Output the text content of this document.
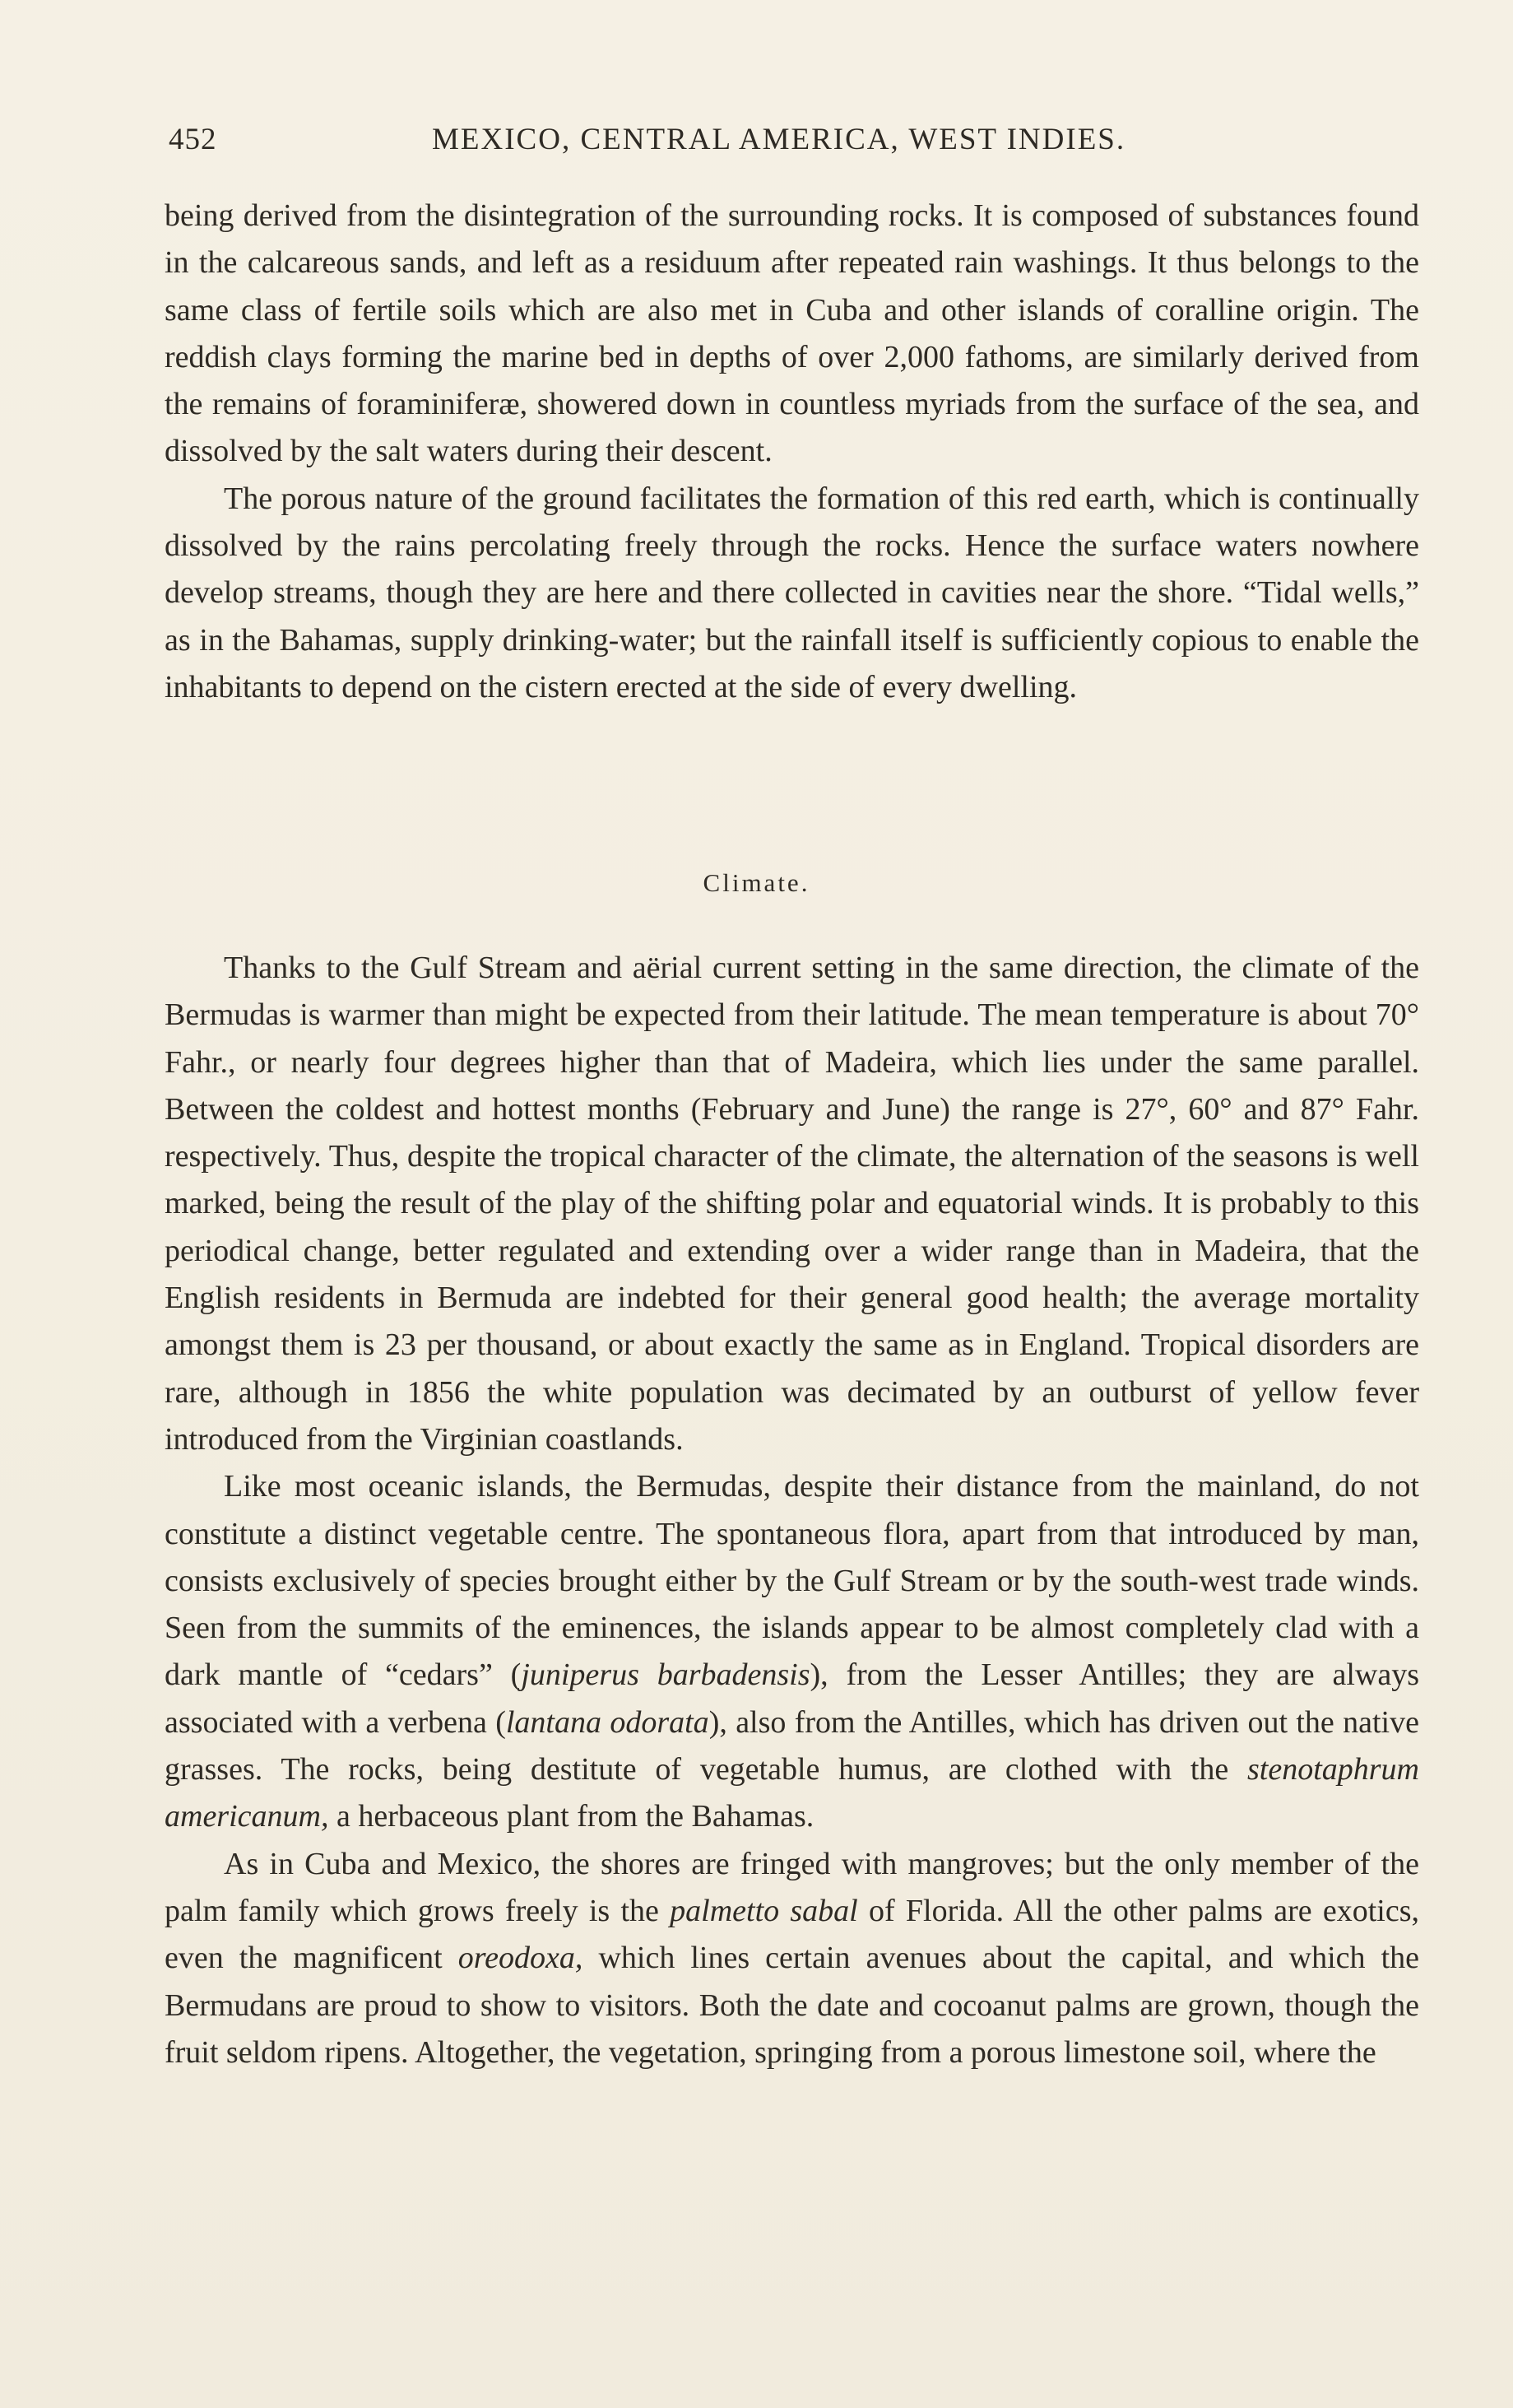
452	MEXICO, CENTRAL AMERICA, WEST INDIES.

being derived from the disintegration of the surrounding rocks. It is composed of substances found in the calcareous sands, and left as a residuum after repeated rain washings. It thus belongs to the same class of fertile soils which are also met in Cuba and other islands of coralline origin. The reddish clays forming the marine bed in depths of over 2,000 fathoms, are similarly derived from the remains of foraminiferæ, showered down in countless myriads from the surface of the sea, and dissolved by the salt waters during their descent.

The porous nature of the ground facilitates the formation of this red earth, which is continually dissolved by the rains percolating freely through the rocks. Hence the surface waters nowhere develop streams, though they are here and there collected in cavities near the shore. “Tidal wells,” as in the Bahamas, supply drinking-water; but the rainfall itself is sufficiently copious to enable the inhabitants to depend on the cistern erected at the side of every dwelling.

Climate.

Thanks to the Gulf Stream and aërial current setting in the same direction, the climate of the Bermudas is warmer than might be expected from their latitude. The mean temperature is about 70° Fahr., or nearly four degrees higher than that of Madeira, which lies under the same parallel. Between the coldest and hottest months (February and June) the range is 27°, 60° and 87° Fahr. respectively. Thus, despite the tropical character of the climate, the alternation of the seasons is well marked, being the result of the play of the shifting polar and equatorial winds. It is probably to this periodical change, better regulated and extending over a wider range than in Madeira, that the English residents in Bermuda are indebted for their general good health; the average mortality amongst them is 23 per thousand, or about exactly the same as in England. Tropical disorders are rare, although in 1856 the white population was decimated by an outburst of yellow fever introduced from the Virginian coastlands.

Like most oceanic islands, the Bermudas, despite their distance from the mainland, do not constitute a distinct vegetable centre. The spontaneous flora, apart from that introduced by man, consists exclusively of species brought either by the Gulf Stream or by the south-west trade winds. Seen from the summits of the eminences, the islands appear to be almost completely clad with a dark mantle of “cedars” (juniperus barbadensis), from the Lesser Antilles; they are always associated with a verbena (lantana odorata), also from the Antilles, which has driven out the native grasses. The rocks, being destitute of vegetable humus, are clothed with the stenotaphrum americanum, a herbaceous plant from the Bahamas.

As in Cuba and Mexico, the shores are fringed with mangroves; but the only member of the palm family which grows freely is the palmetto sabal of Florida. All the other palms are exotics, even the magnificent oreodoxa, which lines certain avenues about the capital, and which the Bermudans are proud to show to visitors. Both the date and cocoanut palms are grown, though the fruit seldom ripens. Altogether, the vegetation, springing from a porous limestone soil, where the
